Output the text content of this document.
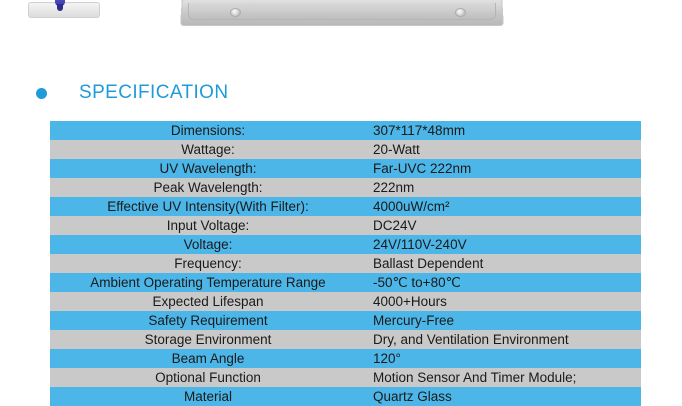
SPECIFICATION
Dimensions:	307*117*48mm
Wattage:	20-Watt
UV Wavelength:	Far-UVC 222nm
Peak Wavelength:	222nm
Effective UV Intensity(With Filter):	4000uW/cm²
Input Voltage:	DC24V
Voltage:	24V/110V-240V
Frequency:	Ballast Dependent
Ambient Operating Temperature Range	-50℃ to+80℃
Expected Lifespan	4000+Hours
Safety Requirement	Mercury-Free
Storage Environment	Dry, and Ventilation Environment
Beam Angle	120°
Optional Function	Motion Sensor And Timer Module;
Material	Quartz Glass
